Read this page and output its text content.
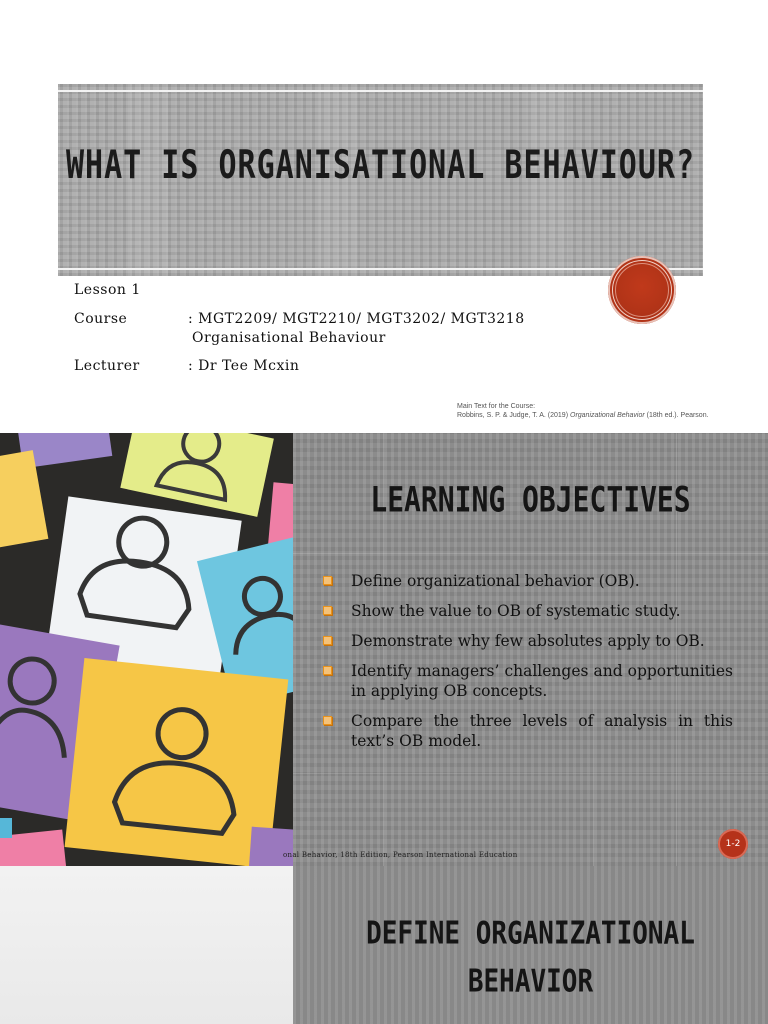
WHAT IS ORGANISATIONAL BEHAVIOUR?
Lesson 1
Course	: MGT2209/ MGT2210/ MGT3202/ MGT3218
Organisational Behaviour
Lecturer	: Dr Tee Mcxin
Main Text for the Course:
Robbins, S. P. & Judge, T. A. (2019) Organizational Behavior (18th ed.). Pearson.
LEARNING OBJECTIVES
Define organizational behavior (OB).
Show the value to OB of systematic study.
Demonstrate why few absolutes apply to OB.
Identify managers’ challenges and opportunities in applying OB concepts.
Compare the three levels of analysis in this text’s OB model.
1-2
onal Behavior, 18th Edition, Pearson International Education
DEFINE ORGANIZATIONAL
BEHAVIOR
